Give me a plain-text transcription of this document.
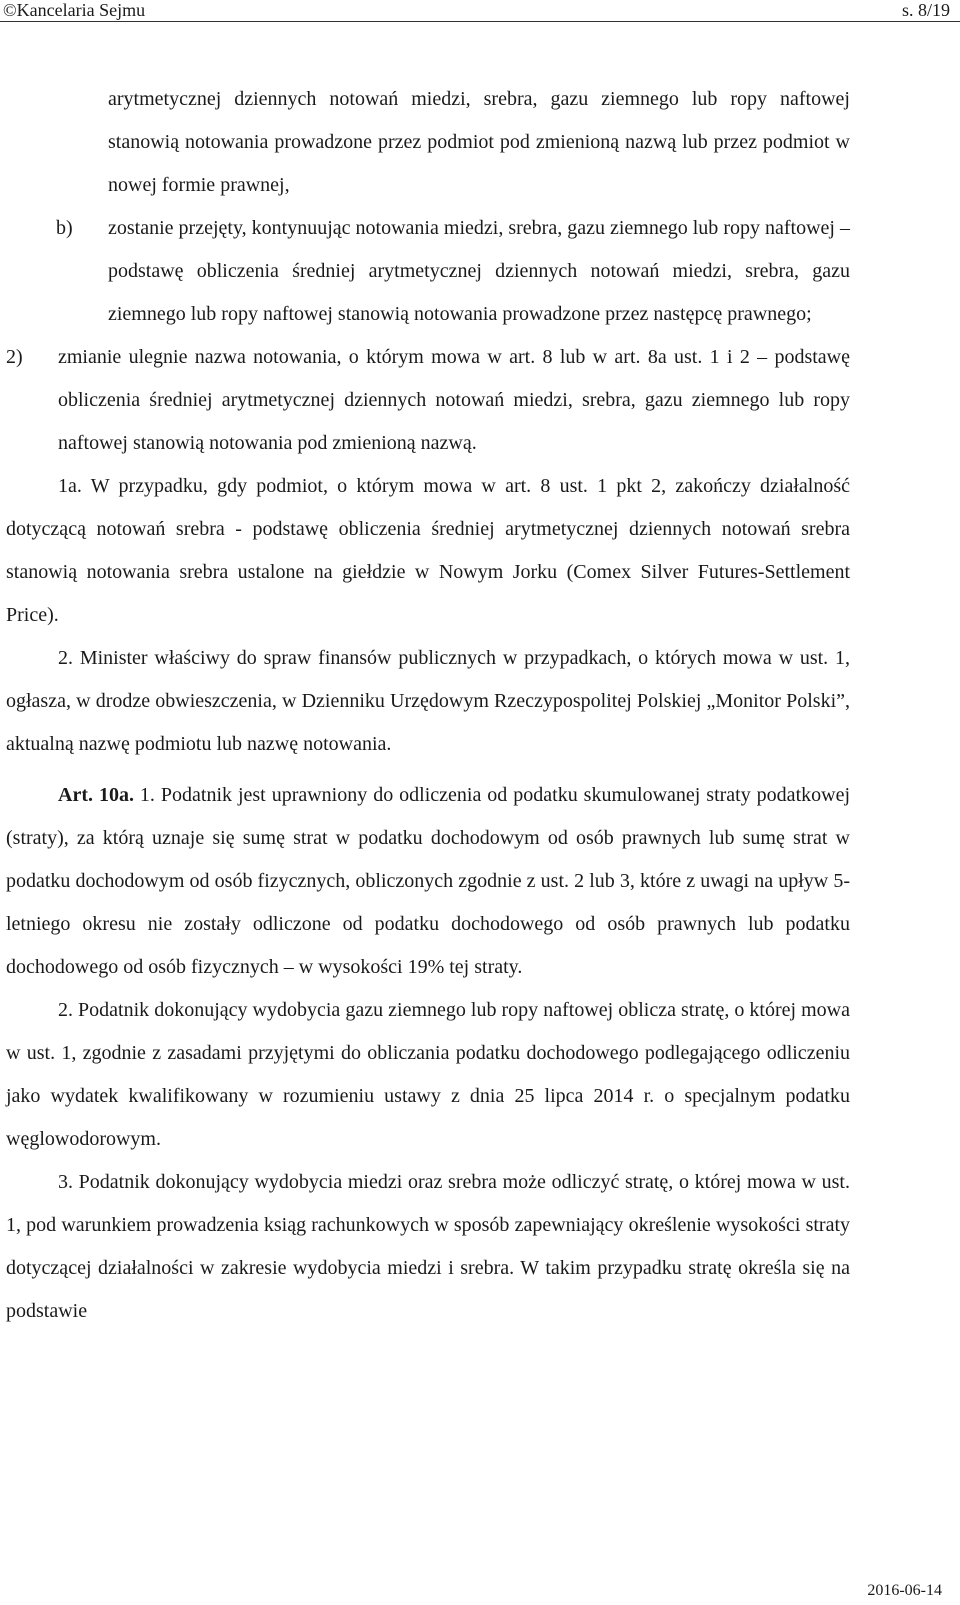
©Kancelaria Sejmu	s. 8/19

arytmetycznej dziennych notowań miedzi, srebra, gazu ziemnego lub ropy naftowej stanowią notowania prowadzone przez podmiot pod zmienioną nazwą lub przez podmiot w nowej formie prawnej,

b) zostanie przejęty, kontynuując notowania miedzi, srebra, gazu ziemnego lub ropy naftowej – podstawę obliczenia średniej arytmetycznej dziennych notowań miedzi, srebra, gazu ziemnego lub ropy naftowej stanowią notowania prowadzone przez następcę prawnego;
2) zmianie ulegnie nazwa notowania, o którym mowa w art. 8 lub w art. 8a ust. 1 i 2 – podstawę obliczenia średniej arytmetycznej dziennych notowań miedzi, srebra, gazu ziemnego lub ropy naftowej stanowią notowania pod zmienioną nazwą.

1a. W przypadku, gdy podmiot, o którym mowa w art. 8 ust. 1 pkt 2, zakończy działalność dotyczącą notowań srebra - podstawę obliczenia średniej arytmetycznej dziennych notowań srebra stanowią notowania srebra ustalone na giełdzie w Nowym Jorku (Comex Silver Futures-Settlement Price).

2. Minister właściwy do spraw finansów publicznych w przypadkach, o których mowa w ust. 1, ogłasza, w drodze obwieszczenia, w Dzienniku Urzędowym Rzeczypospolitej Polskiej „Monitor Polski”, aktualną nazwę podmiotu lub nazwę notowania.

Art. 10a. 1. Podatnik jest uprawniony do odliczenia od podatku skumulowanej straty podatkowej (straty), za którą uznaje się sumę strat w podatku dochodowym od osób prawnych lub sumę strat w podatku dochodowym od osób fizycznych, obliczonych zgodnie z ust. 2 lub 3, które z uwagi na upływ 5-letniego okresu nie zostały odliczone od podatku dochodowego od osób prawnych lub podatku dochodowego od osób fizycznych – w wysokości 19% tej straty.

2. Podatnik dokonujący wydobycia gazu ziemnego lub ropy naftowej oblicza stratę, o której mowa w ust. 1, zgodnie z zasadami przyjętymi do obliczania podatku dochodowego podlegającego odliczeniu jako wydatek kwalifikowany w rozumieniu ustawy z dnia 25 lipca 2014 r. o specjalnym podatku węglowodorowym.

3. Podatnik dokonujący wydobycia miedzi oraz srebra może odliczyć stratę, o której mowa w ust. 1, pod warunkiem prowadzenia ksiąg rachunkowych w sposób zapewniający określenie wysokości straty dotyczącej działalności w zakresie wydobycia miedzi i srebra. W takim przypadku stratę określa się na podstawie

2016-06-14
